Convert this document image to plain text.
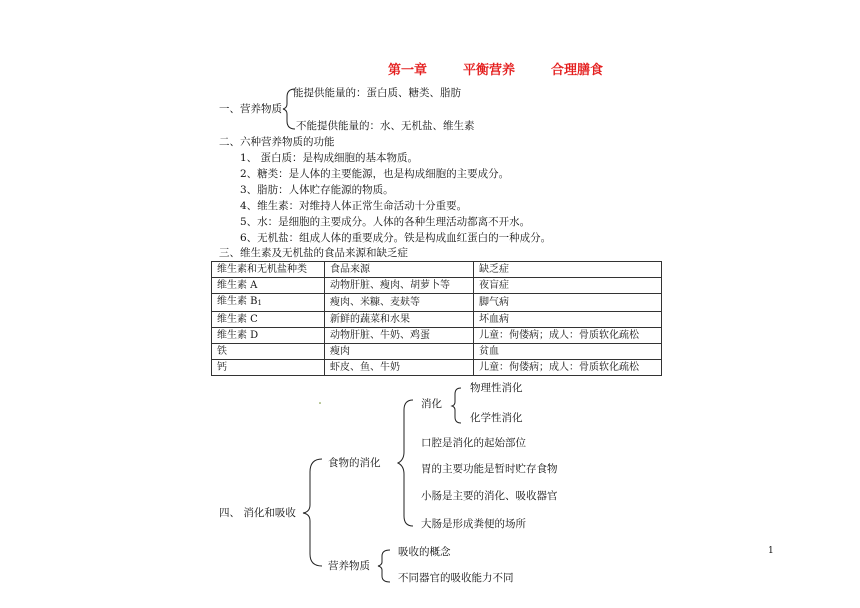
第一章	平衡营养	合理膳食
一、营养物质
能提供能量的：蛋白质、糖类、脂肪
不能提供能量的：水、无机盐、维生素
二、六种营养物质的功能
1、 蛋白质：是构成细胞的基本物质。
2、糖类：是人体的主要能源，也是构成细胞的主要成分。
3、脂肪：人体贮存能源的物质。
4、维生素：对维持人体正常生命活动十分重要。
5、水：是细胞的主要成分。人体的各种生理活动都离不开水。
6、无机盐：组成人体的重要成分。铁是构成血红蛋白的一种成分。
三、维生素及无机盐的食品来源和缺乏症
维生素和无机盐种类	食品来源	缺乏症
维生素 A	动物肝脏、瘦肉、胡萝卜等	夜盲症
维生素 $B_1$	瘦肉、米糠、麦麸等	脚气病
维生素 C	新鲜的蔬菜和水果	坏血病
维生素 D	动物肝脏、牛奶、鸡蛋	儿童：佝偻病；成人：骨质软化疏松
铁	瘦肉	贫血
钙	虾皮、鱼、牛奶	儿童：佝偻病；成人：骨质软化疏松
四、 消化和吸收
食物的消化
消化
物理性消化
化学性消化
口腔是消化的起始部位
胃的主要功能是暂时贮存食物
小肠是主要的消化、吸收器官
大肠是形成粪便的场所
营养物质
吸收的概念
不同器官的吸收能力不同
1
